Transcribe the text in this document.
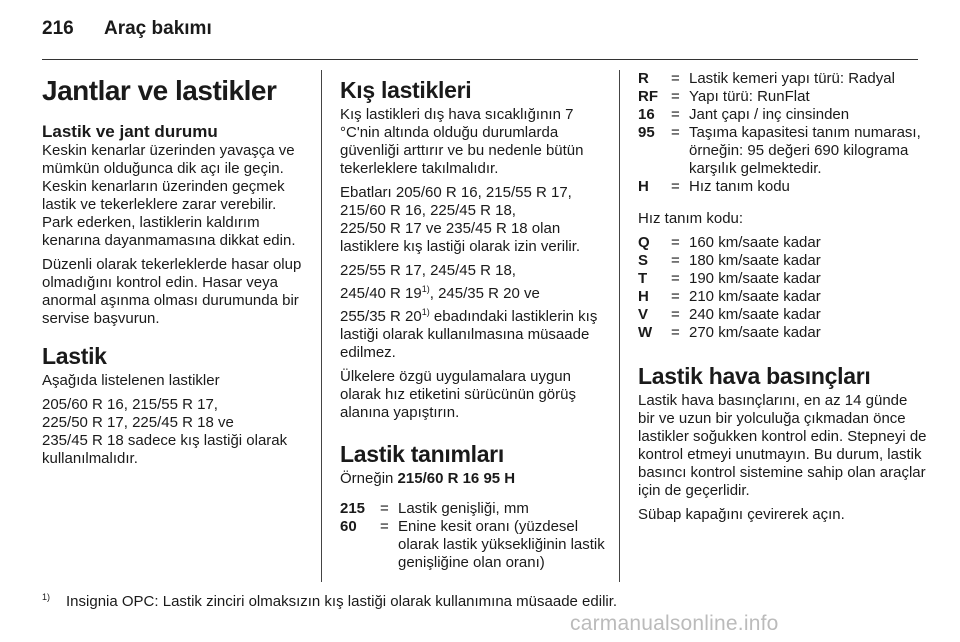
216 Araç bakımı
Jantlar ve lastikler
Lastik ve jant durumu
Keskin kenarlar üzerinden yavaşça ve mümkün olduğunca dik açı ile geçin. Keskin kenarların üzerinden geçmek lastik ve tekerleklere zarar verebilir. Park ederken, lastiklerin kaldırım kenarına dayanmamasına dikkat edin.
Düzenli olarak tekerleklerde hasar olup olmadığını kontrol edin. Hasar veya anormal aşınma olması durumunda bir servise başvurun.
Lastik
Aşağıda listelenen lastikler
205/60 R 16, 215/55 R 17,
225/50 R 17, 225/45 R 18 ve
235/45 R 18 sadece kış lastiği olarak kullanılmalıdır.
Kış lastikleri
Kış lastikleri dış hava sıcaklığının 7 °C'nin altında olduğu durumlarda güvenliği arttırır ve bu nedenle bütün tekerleklere takılmalıdır.
Ebatları 205/60 R 16, 215/55 R 17,
215/60 R 16, 225/45 R 18,
225/50 R 17 ve 235/45 R 18 olan lastiklere kış lastiği olarak izin verilir.
225/55 R 17, 245/45 R 18,
245/40 R 19$^{1)}$, 245/35 R 20 ve
255/35 R 20$^{1)}$ ebadındaki lastiklerin kış lastiği olarak kullanılmasına müsaade edilmez.
Ülkelere özgü uygulamalara uygun olarak hız etiketini sürücünün görüş alanına yapıştırın.
Lastik tanımları
Örneğin 215/60 R 16 95 H
215 = Lastik genişliği, mm
60	= Enine kesit oranı (yüzdesel olarak lastik yüksekliğinin lastik genişliğine olan oranı)
R	= Lastik kemeri yapı türü: Radyal
RF = Yapı türü: RunFlat
16	= Jant çapı / inç cinsinden
95	= Taşıma kapasitesi tanım numarası, örneğin: 95 değeri 690 kilograma karşılık gelmektedir.
H	= Hız tanım kodu
Hız tanım kodu:
Q	= 160 km/saate kadar
S	= 180 km/saate kadar
T	= 190 km/saate kadar
H	= 210 km/saate kadar
V	= 240 km/saate kadar
W	= 270 km/saate kadar
Lastik hava basınçları
Lastik hava basınçlarını, en az 14 günde bir ve uzun bir yolculuğa çıkmadan önce lastikler soğukken kontrol edin. Stepneyi de kontrol etmeyi unutmayın. Bu durum, lastik basıncı kontrol sistemine sahip olan araçlar için de geçerlidir.
Sübap kapağını çevirerek açın.
$^{1)}$ Insignia OPC: Lastik zinciri olmaksızın kış lastiği olarak kullanımına müsaade edilir.
carmanualsonline.info
